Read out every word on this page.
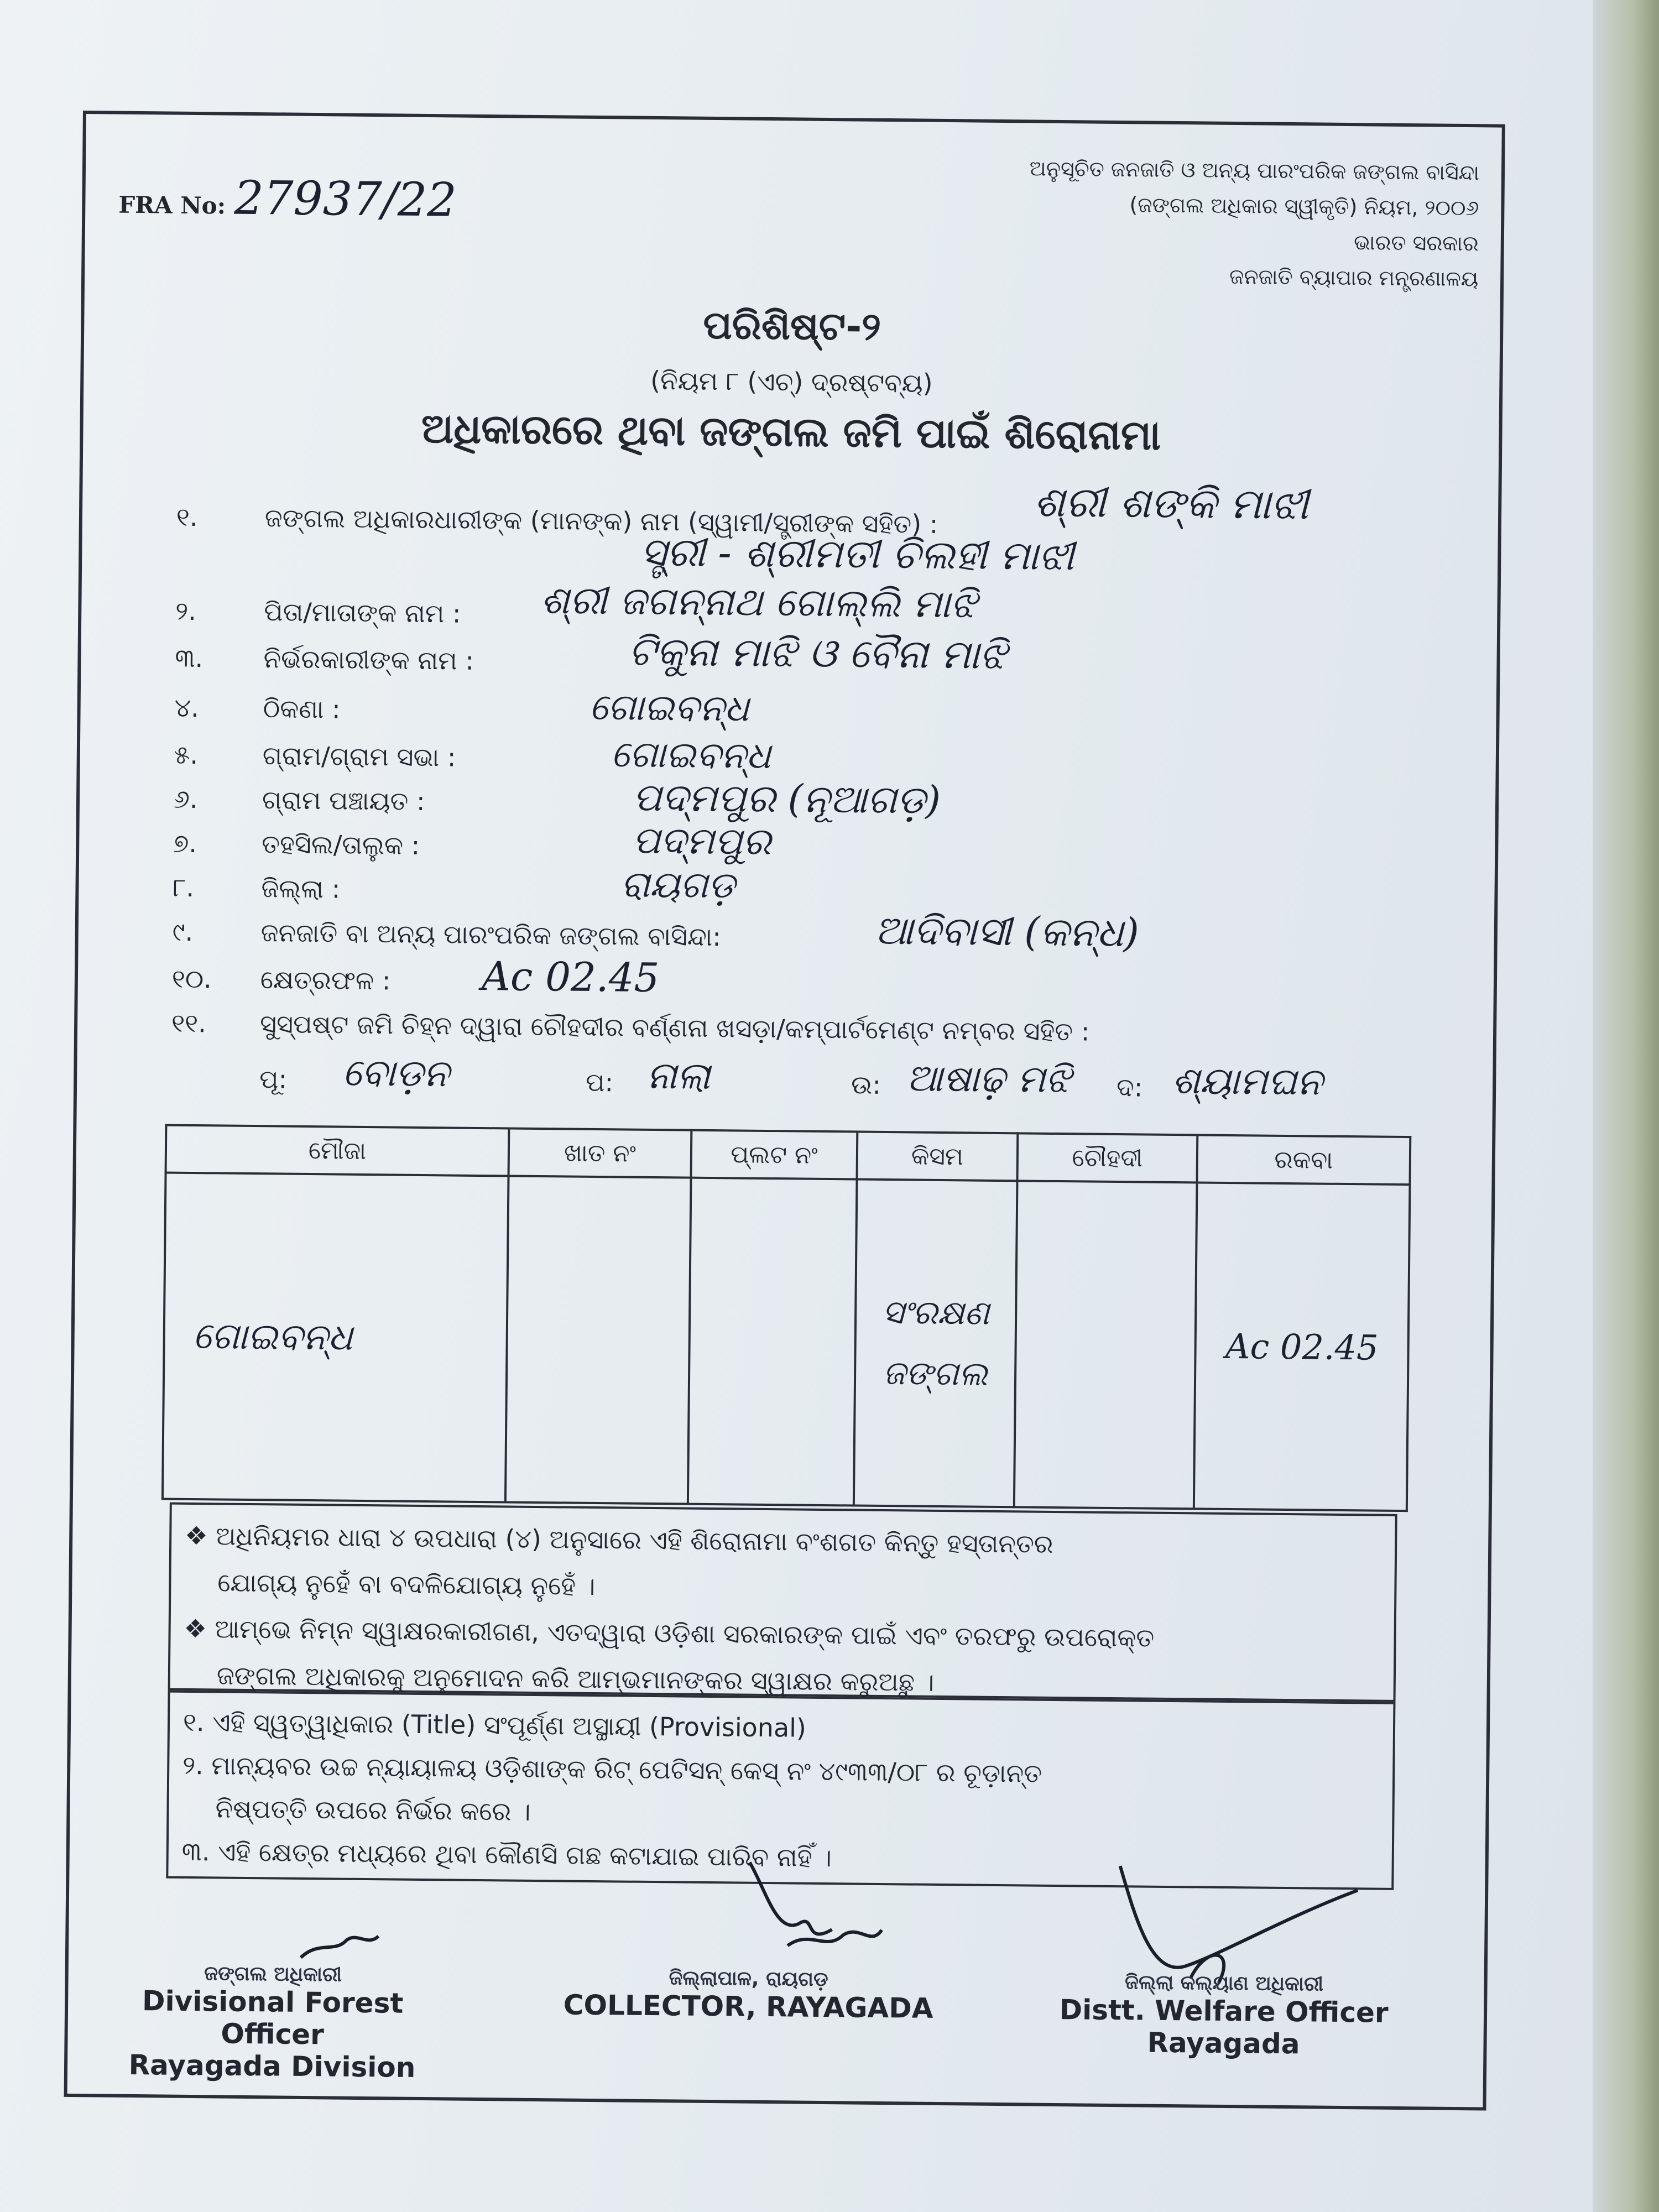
FRA No: 27937/22
ଅନୁସୂଚିତ ଜନଜାତି ଓ ଅନ୍ୟ ପାରଂପରିକ ଜଙ୍ଗଲ ବାସିନ୍ଦା
(ଜଙ୍ଗଲ ଅଧିକାର ସ୍ୱୀକୃତି) ନିୟମ, ୨୦୦୬
ଭାରତ ସରକାର
ଜନଜାତି ବ୍ୟାପାର ମନ୍ତ୍ରଣାଳୟ
ପରିଶିଷ୍ଟ-୨
(ନିୟମ ୮ (ଏଚ୍) ଦ୍ରଷ୍ଟବ୍ୟ)
ଅଧିକାରରେ ଥିବା ଜଙ୍ଗଲ ଜମି ପାଇଁ ଶିରୋନାମା
୧.	ଜଙ୍ଗଲ ଅଧିକାରଧାରୀଙ୍କ (ମାନଙ୍କ) ନାମ (ସ୍ୱାମୀ/ସ୍ତ୍ରୀଙ୍କ ସହିତ) : ଶ୍ରୀ ଶଙ୍କି ମାଝୀ
ସ୍ତ୍ରୀ - ଶ୍ରୀମତୀ ଚିଲହୀ ମାଝୀ
୨.	ପିତା/ମାତାଙ୍କ ନାମ : ଶ୍ରୀ ଜଗନ୍ନାଥ ଗୋଲ୍ଲି ମାଝି
୩. ନିର୍ଭରକାରୀଙ୍କ ନାମ :	ଟିକୁନା ମାଝି ଓ ବୈନା ମାଝି
୪.	ଠିକଣା :	ଗୋଇବନ୍ଧ
୫.	ଗ୍ରାମ/ଗ୍ରାମ ସଭା :	ଗୋଇବନ୍ଧ
୬.	ଗ୍ରାମ ପଞ୍ଚାୟତ :	ପଦ୍ମପୁର (ନୂଆଗଡ଼)
୭.	ତହସିଲ/ତାଲୁକ :	ପଦ୍ମପୁର
୮.	ଜିଲ୍ଲା :	ରାୟଗଡ଼
୯.	ଜନଜାତି ବା ଅନ୍ୟ ପାରଂପରିକ ଜଙ୍ଗଲ ବାସିନ୍ଦା:	ଆଦିବାସୀ (କନ୍ଧ)
୧୦. କ୍ଷେତ୍ରଫଳ : Ac 02.45
୧୧. ସୁସ୍ପଷ୍ଟ ଜମି ଚିହ୍ନ ଦ୍ୱାରା ଚୌହଦୀର ବର୍ଣ୍ଣନା ଖସଡ଼ା/କମ୍ପାର୍ଟମେଣ୍ଟ ନମ୍ବର ସହିତ :
ପୂ: ବୋଡ଼ନ	ପ: ନାଲା	ଉ: ଆଷାଢ଼ ମଝି ଦ: ଶ୍ୟାମଘନ
ମୌଜା	ଖାତ ନଂ	ପ୍ଲଟ ନଂ	କିସମ	ଚୌହଦୀ	ରକବା
ଗୋଇବନ୍ଧ			ସଂରକ୍ଷଣ ଜଙ୍ଗଲ		Ac 02.45
❖ ଅଧିନିୟମର ଧାରା ୪ ଉପଧାରା (୪) ଅନୁସାରେ ଏହି ଶିରୋନାମା ବଂଶଗତ କିନ୍ତୁ ହସ୍ତାନ୍ତର
ଯୋଗ୍ୟ ନୁହେଁ ବା ବଦଳିଯୋଗ୍ୟ ନୁହେଁ ।
❖ ଆମ୍ଭେ ନିମ୍ନ ସ୍ୱାକ୍ଷରକାରୀଗଣ, ଏତଦ୍ୱାରା ଓଡ଼ିଶା ସରକାରଙ୍କ ପାଇଁ ଏବଂ ତରଫରୁ ଉପରୋକ୍ତ
ଜଙ୍ଗଲ ଅଧିକାରକୁ ଅନୁମୋଦନ କରି ଆମ୍ଭମାନଙ୍କର ସ୍ୱାକ୍ଷର କରୁଅଛୁ ।
୧. ଏହି ସ୍ୱତ୍ୱାଧିକାର (Title) ସଂପୂର୍ଣ୍ଣ ଅସ୍ଥାୟୀ (Provisional)
୨. ମାନ୍ୟବର ଉଚ୍ଚ ନ୍ୟାୟାଳୟ ଓଡ଼ିଶାଙ୍କ ରିଟ୍ ପେଟିସନ୍ କେସ୍ ନଂ ୪୯୩୩/୦୮ ର ଚୂଡ଼ାନ୍ତ
ନିଷ୍ପତ୍ତି ଉପରେ ନିର୍ଭର କରେ ।
୩. ଏହି କ୍ଷେତ୍ର ମଧ୍ୟରେ ଥିବା କୌଣସି ଗଛ କଟାଯାଇ ପାରିବ ନାହିଁ ।
ଜଙ୍ଗଲ ଅଧିକାରୀ
Divisional Forest Officer
Rayagada Division
ଜିଲ୍ଲାପାଳ, ରାୟଗଡ଼
COLLECTOR, RAYAGADA
ଜିଲ୍ଲା କଲ୍ୟାଣ ଅଧିକାରୀ
Distt. Welfare Officer
Rayagada
